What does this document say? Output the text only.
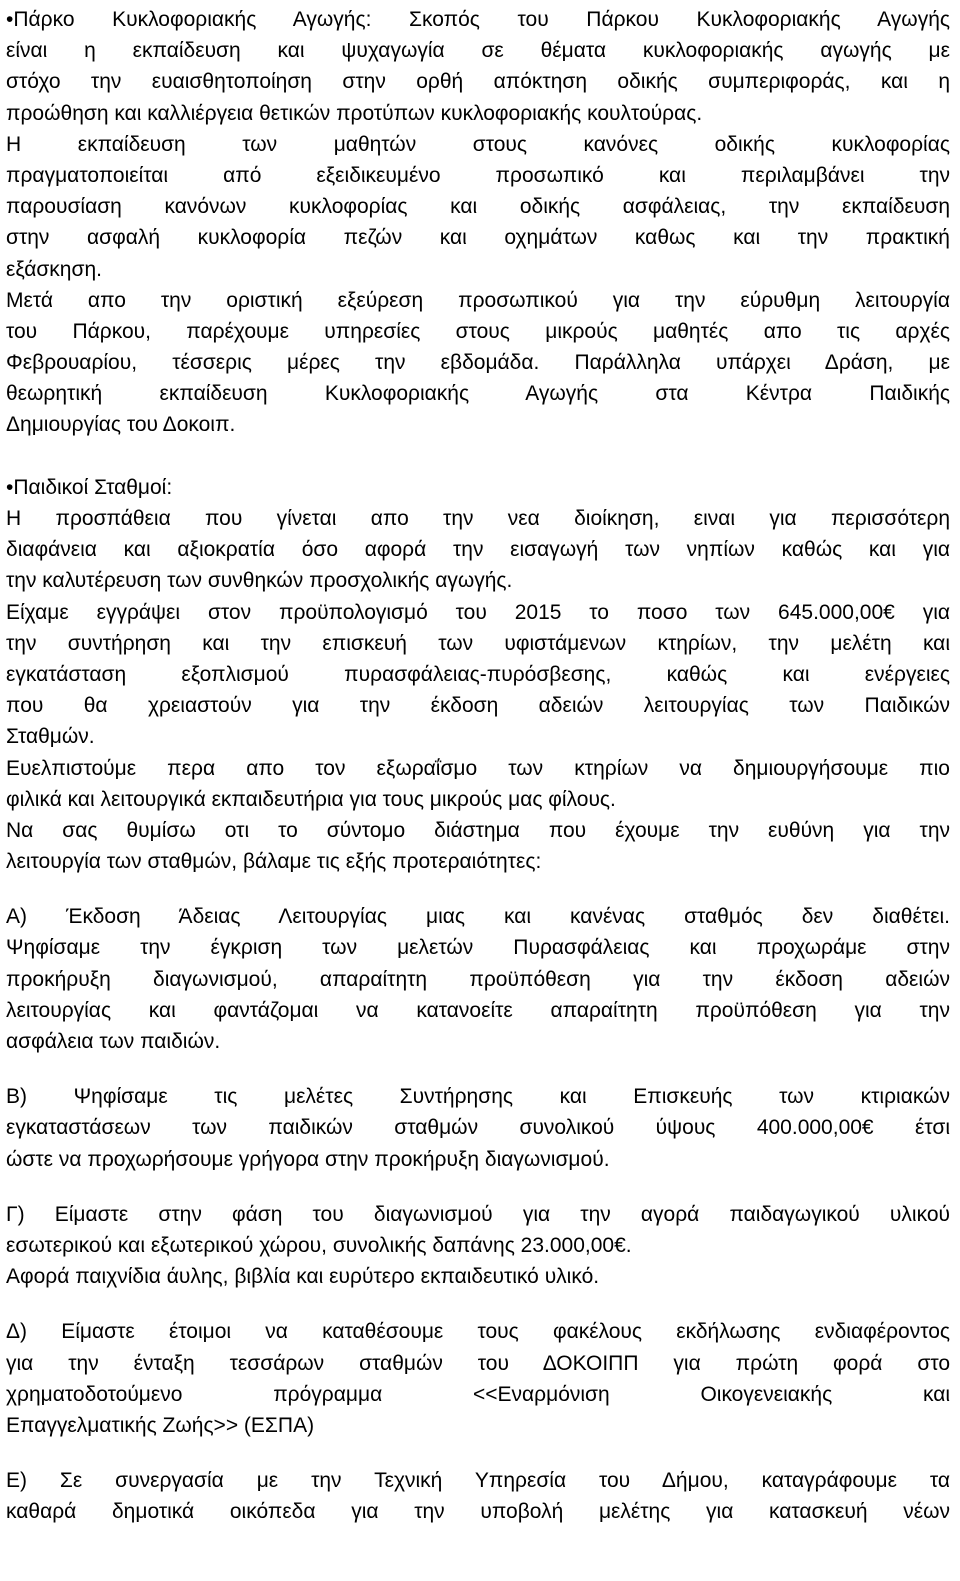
•Πάρκο Κυκλοφοριακής Αγωγής: Σκοπός του Πάρκου Κυκλοφοριακής Αγωγής
είναι η εκπαίδευση και ψυχαγωγία σε θέματα κυκλοφοριακής αγωγής με
στόχο την ευαισθητοποίηση στην ορθή απόκτηση οδικής συμπεριφοράς, και η
προώθηση και καλλιέργεια θετικών προτύπων κυκλοφοριακής κουλτούρας.
Η εκπαίδευση των μαθητών στους κανόνες οδικής κυκλοφορίας
πραγματοποιείται από εξειδικευμένο προσωπικό και περιλαμβάνει την
παρουσίαση κανόνων κυκλοφορίας και οδικής ασφάλειας, την εκπαίδευση
στην ασφαλή κυκλοφορία πεζών και οχημάτων καθως και την πρακτική
εξάσκηση.
Μετά απο την οριστική εξεύρεση προσωπικού για την εύρυθμη λειτουργία
του Πάρκου, παρέχουμε υπηρεσίες στους μικρούς μαθητές απο τις αρχές
Φεβρουαρίου, τέσσερις μέρες την εβδομάδα. Παράλληλα υπάρχει Δράση, με
θεωρητική εκπαίδευση Κυκλοφοριακής Αγωγής στα Κέντρα Παιδικής
Δημιουργίας του Δοκοιπ.
•Παιδικοί Σταθμοί:
Η προσπάθεια που γίνεται απο την νεα διοίκηση, ειναι για περισσότερη
διαφάνεια και αξιοκρατία όσο αφορά την εισαγωγή των νηπίων καθώς και για
την καλυτέρευση των συνθηκών προσχολικής αγωγής.
Είχαμε εγγράψει στον προϋπολογισμό του 2015 το ποσο των 645.000,00€ για
την συντήρηση και την επισκευή των υφιστάμενων κτηρίων, την μελέτη και
εγκατάσταση εξοπλισμού πυρασφάλειας-πυρόσβεσης, καθώς και ενέργειες
που θα χρειαστούν για την έκδοση αδειών λειτουργίας των Παιδικών
Σταθμών.
Ευελπιστούμε περα απο τον εξωραΐσμο των κτηρίων να δημιουργήσουμε πιο
φιλικά και λειτουργικά εκπαιδευτήρια για τους μικρούς μας φίλους.
Να σας θυμίσω οτι το σύντομο διάστημα που έχουμε την ευθύνη για την
λειτουργία των σταθμών, βάλαμε τις εξής προτεραιότητες:
Α) Έκδοση Άδειας Λειτουργίας μιας και κανένας σταθμός δεν διαθέτει.
Ψηφίσαμε την έγκριση των μελετών Πυρασφάλειας και προχωράμε στην
προκήρυξη διαγωνισμού, απαραίτητη προϋπόθεση για την έκδοση αδειών
λειτουργίας και φαντάζομαι να κατανοείτε απαραίτητη προϋπόθεση για την
ασφάλεια των παιδιών.
Β) Ψηφίσαμε τις μελέτες Συντήρησης και Επισκευής των κτιριακών
εγκαταστάσεων των παιδικών σταθμών συνολικού ύψους 400.000,00€ έτσι
ώστε να προχωρήσουμε γρήγορα στην προκήρυξη διαγωνισμού.
Γ) Είμαστε στην φάση του διαγωνισμού για την αγορά παιδαγωγικού υλικού
εσωτερικού και εξωτερικού χώρου, συνολικής δαπάνης 23.000,00€.
Αφορά παιχνίδια άυλης, βιβλία και ευρύτερο εκπαιδευτικό υλικό.
Δ) Είμαστε έτοιμοι να καταθέσουμε τους φακέλους εκδήλωσης ενδιαφέροντος
για την ένταξη τεσσάρων σταθμών του ΔΟΚΟΙΠΠ για πρώτη φορά στο
χρηματοδοτούμενο πρόγραμμα <<Εναρμόνιση Οικογενειακής και
Επαγγελματικής Ζωής>> (ΕΣΠΑ)
Ε) Σε συνεργασία με την Τεχνική Υπηρεσία του Δήμου, καταγράφουμε τα
καθαρά δημοτικά οικόπεδα για την υποβολή μελέτης για κατασκευή νέων
